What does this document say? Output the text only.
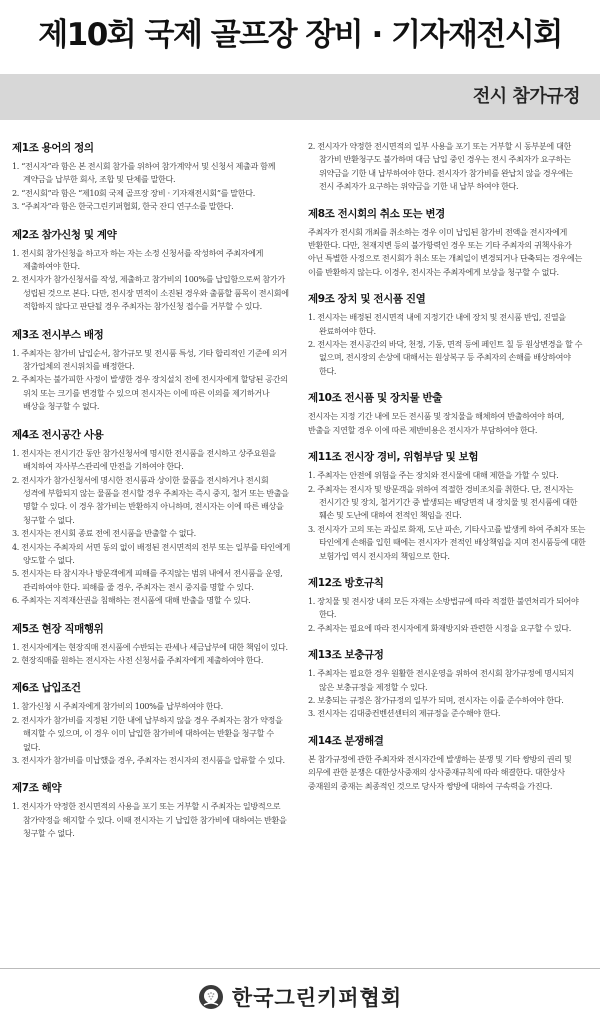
제10회 국제 골프장 장비 · 기자재전시회
전시 참가규정
제1조 용어의 정의
1. “전시자”라 함은 본 전시회 참가를 위하여 참가계약서 및 신청서 제출과 함께 계약금을 납부한 회사, 조합 및 단체를 말한다.
2. “전시회”라 함은 “제10회 국제 골프장 장비 · 기자재전시회”를 말한다.
3. “주최자”라 함은 한국그린키퍼협회, 한국 잔디 연구소를 말한다.
제2조 참가신청 및 계약
1. 전시회 참가신청을 하고자 하는 자는 소정 신청서를 작성하여 주최자에게 제출하여야 한다.
2. 전시자가 참가신청서를 작성, 제출하고 참가비의 100%를 납입함으로써 참가가 성립된 것으로 본다. 다만, 전시장 면적이 소진된 경우와 출품할 품목이 전시회에 적합하지 않다고 판단될 경우 주최자는 참가신청 접수를 거부할 수 있다.
제3조 전시부스 배정
1. 주최자는 참가비 납입순서, 참가규모 및 전시품 특성, 기타 합리적인 기준에 의거 참가업체의 전시위치를 배정한다.
2. 주최자는 불가피한 사정이 발생한 경우 장치설치 전에 전시자에게 할당된 공간의 위치 또는 크기를 변경할 수 있으며 전시자는 이에 따른 이의를 제기하거나 배상을 청구할 수 없다.
제4조 전시공간 사용
1. 전시자는 전시기간 동안 참가신청서에 명시한 전시품을 전시하고 상주요원을 배치하여 자사부스관리에 만전을 기하여야 한다.
2. 전시자가 참가신청서에 명시한 전시품과 상이한 물품을 전시하거나 전시회 성격에 부합되지 않는 물품을 전시할 경우 주최자는 즉시 중지, 철거 또는 반출을 명할 수 있다. 이 경우 참가비는 반환하지 아니하며, 전시자는 이에 따른 배상을 청구할 수 없다.
3. 전시자는 전시회 종료 전에 전시품을 반출할 수 없다.
4. 전시자는 주최자의 서면 동의 없이 배정된 전시면적의 전부 또는 일부를 타인에게 양도할 수 없다.
5. 전시자는 타 참시자나 방문객에게 피해를 주지않는 범위 내에서 전시품을 운영, 관리하여야 한다. 피해를 줄 경우, 주최자는 전시 중지를 명할 수 있다.
6. 주최자는 지적재산권을 침해하는 전시품에 대해 반출을 명할 수 있다.
제5조 현장 직매행위
1. 전시자에게는 현장직매 전시품에 수반되는 관세나 세금납부에 대한 책임이 있다.
2. 현장직매를 원하는 전시자는 사전 신청서를 주최자에게 제출하여야 한다.
제6조 납입조건
1. 참가신청 시 주최자에게 참가비의 100%를 납부하여야 한다.
2. 전시자가 참가비를 지정된 기한 내에 납부하지 않을 경우 주최자는 참가 약정을 해지할 수 있으며, 이 경우 이미 납입한 참가비에 대하여는 반환을 청구할 수 없다.
3. 전시자가 참가비를 미납했을 경우, 주최자는 전시자의 전시품을 압류할 수 있다.
제7조 해약
1. 전시자가 약정한 전시면적의 사용을 포기 또는 거부할 시 주최자는 일방적으로 참가약정을 해지할 수 있다. 이때 전시자는 기 납입한 참가비에 대하여는 반환을 청구할 수 없다.
2. 전시자가 약정한 전시면적의 일부 사용을 포기 또는 거부할 시 동부분에 대한 참가비 반환청구도 불가하며 대금 납입 중인 경우는 전시 주최자가 요구하는 위약금을 기한 내 납부하여야 한다. 전시자가 참가비를 완납치 않을 경우에는 전시 주최자가 요구하는 위약금을 기한 내 납부 하여야 한다.
제8조 전시회의 취소 또는 변경

주최자가 전시회 개최를 취소하는 경우 이미 납입된 참가비 전액을 전시자에게 반환한다. 다만, 천재지변 등의 불가항력인 경우 또는 기타 주최자의 귀책사유가 아닌 특별한 사정으로 전시회가 취소 또는 개최일이 변경되거나 단축되는 경우에는 이를 반환하지 않는다. 이경우, 전시자는 주최자에게 보상을 청구할 수 없다.

제9조 장치 및 전시품 진열
1. 전시자는 배정된 전시면적 내에 지정기간 내에 장치 및 전시품 반입, 진열을 완료하여야 한다.
2. 전시자는 전시공간의 바닥, 천정, 기둥, 면적 등에 페인트 칠 등 원상변경을 할 수 없으며, 전시장의 손상에 대해서는 원상복구 등 주최자의 손해를 배상하여야 한다.
제10조 전시품 및 장치물 반출

전시자는 지정 기간 내에 모든 전시품 및 장치물을 해체하여 반출하여야 하며, 반출을 지연할 경우 이에 따른 제반비용은 전시자가 부담하여야 한다.

제11조 전시장 경비, 위험부담 및 보험
1. 주최자는 안전에 위험을 주는 장치와 전시물에 대해 제한을 가할 수 있다.
2. 주최자는 전시자 및 방문객을 위하여 적절한 경비조치를 취한다. 단, 전시자는 전시기간 및 장치, 철거기간 중 발생되는 배당면적 내 장치물 및 전시품에 대한 훼손 및 도난에 대하여 전적인 책임을 진다.
3. 전시자가 고의 또는 과실로 화재, 도난 파손, 기타사고를 발생케 하여 주최자 또는 타인에게 손해를 입힌 때에는 전시자가 전적인 배상책임을 지며 전시품등에 대한 보험가입 역시 전시자의 책임으로 한다.
제12조 방호규칙
1. 장치물 및 전시장 내의 모든 자재는 소방법규에 따라 적절한 불연처리가 되어야 한다.
2. 주최자는 필요에 따라 전시자에게 화재방지와 관련한 시정을 요구할 수 있다.
제13조 보충규정
1. 주최자는 필요한 경우 원활한 전시운영을 위하여 전시회 참가규정에 명시되지 않은 보충규정을 제정할 수 있다.
2. 보충되는 규정은 참가규정의 일부가 되며, 전시자는 이를 준수하여야 한다.
3. 전시자는 김대중컨벤션센터의 제규정을 준수해야 한다.
제14조 분쟁해결

본 참가규정에 관한 주최자와 전시자간에 발생하는 분쟁 및 기타 쌍방의 권리 및 의무에 관한 분쟁은 대한상사중재의 상사중재규칙에 따라 해결한다. 대한상사 중재원의 중재는 최종적인 것으로 당사자 쌍방에 대하여 구속력을 가진다.

한국그린키퍼협회
